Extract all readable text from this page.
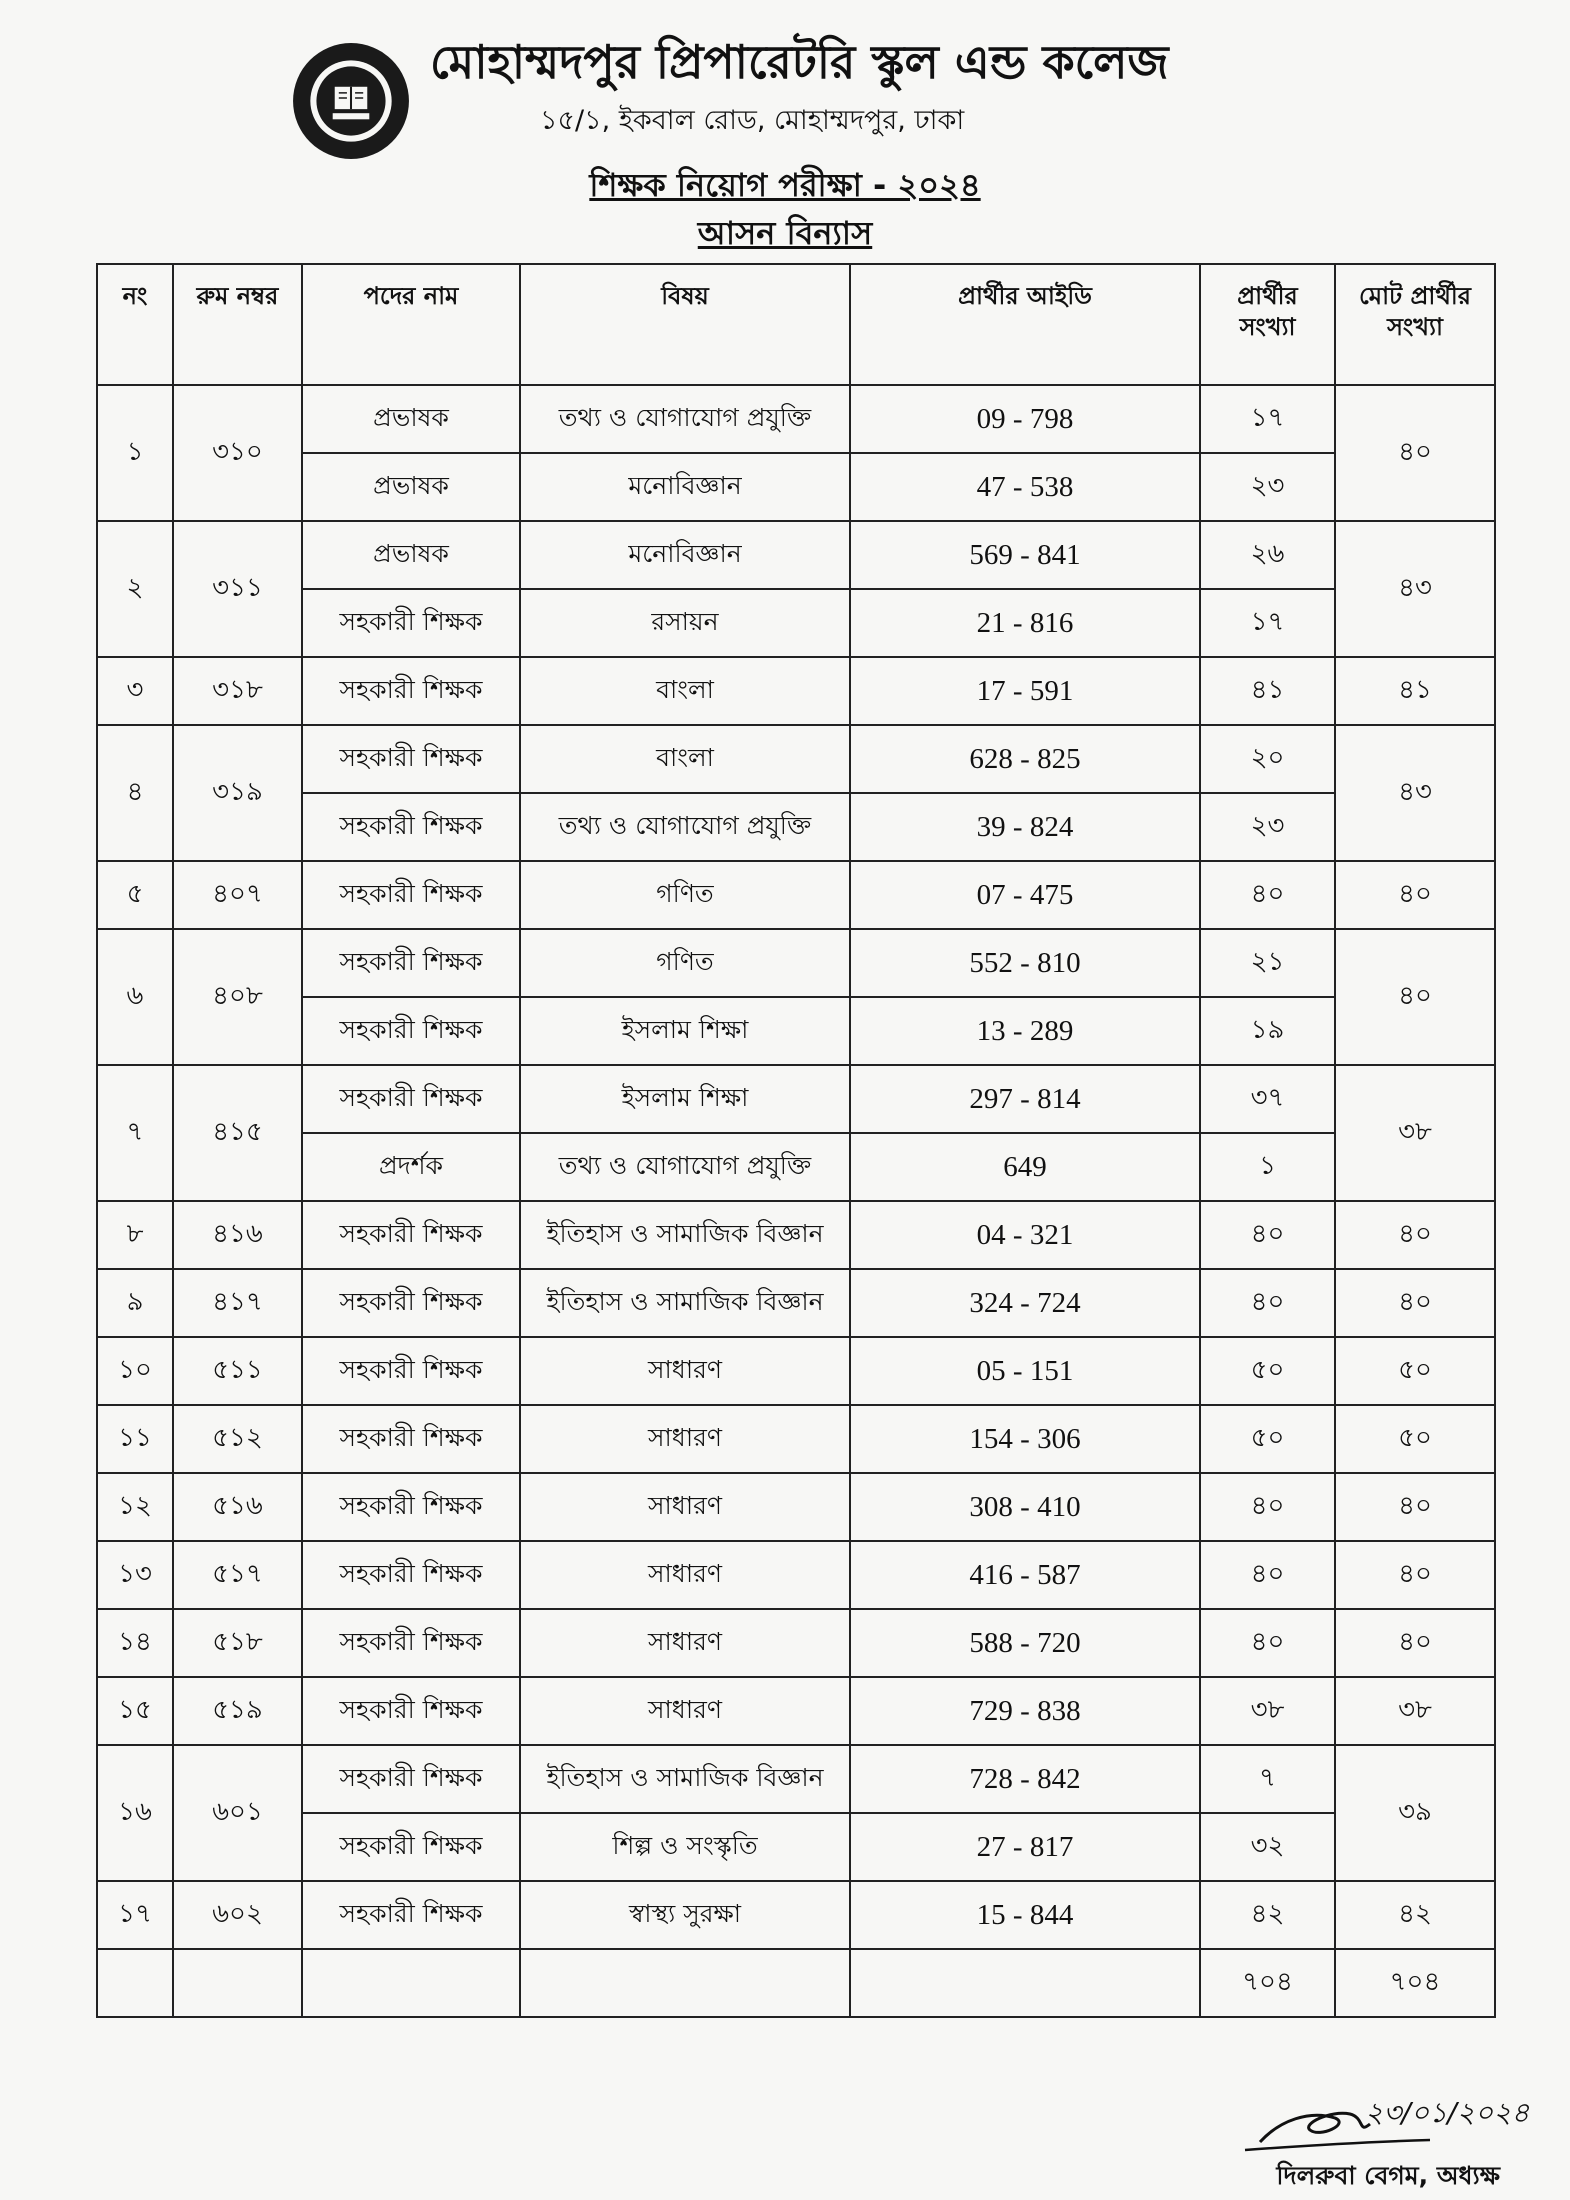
মোহাম্মদপুর প্রিপারেটরি স্কুল এন্ড কলেজ
১৫/১, ইকবাল রোড, মোহাম্মদপুর, ঢাকা
শিক্ষক নিয়োগ পরীক্ষা - ২০২৪
আসন বিন্যাস
নং	রুম নম্বর	পদের নাম	বিষয়	প্রার্থীর আইডি	প্রার্থীর সংখ্যা	মোট প্রার্থীর সংখ্যা
১	৩১০	প্রভাষক	তথ্য ও যোগাযোগ প্রযুক্তি	09 - 798	১৭	৪০
		প্রভাষক	মনোবিজ্ঞান	47 - 538	২৩	
২	৩১১	প্রভাষক	মনোবিজ্ঞান	569 - 841	২৬	৪৩
		সহকারী শিক্ষক	রসায়ন	21 - 816	১৭	
৩	৩১৮	সহকারী শিক্ষক	বাংলা	17 - 591	৪১	৪১
৪	৩১৯	সহকারী শিক্ষক	বাংলা	628 - 825	২০	৪৩
		সহকারী শিক্ষক	তথ্য ও যোগাযোগ প্রযুক্তি	39 - 824	২৩	
৫	৪০৭	সহকারী শিক্ষক	গণিত	07 - 475	৪০	৪০
৬	৪০৮	সহকারী শিক্ষক	গণিত	552 - 810	২১	৪০
		সহকারী শিক্ষক	ইসলাম শিক্ষা	13 - 289	১৯	
৭	৪১৫	সহকারী শিক্ষক	ইসলাম শিক্ষা	297 - 814	৩৭	৩৮
		প্রদর্শক	তথ্য ও যোগাযোগ প্রযুক্তি	649	১	
৮	৪১৬	সহকারী শিক্ষক	ইতিহাস ও সামাজিক বিজ্ঞান	04 - 321	৪০	৪০
৯	৪১৭	সহকারী শিক্ষক	ইতিহাস ও সামাজিক বিজ্ঞান	324 - 724	৪০	৪০
১০	৫১১	সহকারী শিক্ষক	সাধারণ	05 - 151	৫০	৫০
১১	৫১২	সহকারী শিক্ষক	সাধারণ	154 - 306	৫০	৫০
১২	৫১৬	সহকারী শিক্ষক	সাধারণ	308 - 410	৪০	৪০
১৩	৫১৭	সহকারী শিক্ষক	সাধারণ	416 - 587	৪০	৪০
১৪	৫১৮	সহকারী শিক্ষক	সাধারণ	588 - 720	৪০	৪০
১৫	৫১৯	সহকারী শিক্ষক	সাধারণ	729 - 838	৩৮	৩৮
১৬	৬০১	সহকারী শিক্ষক	ইতিহাস ও সামাজিক বিজ্ঞান	728 - 842	৭	৩৯
		সহকারী শিক্ষক	শিল্প ও সংস্কৃতি	27 - 817	৩২	
১৭	৬০২	সহকারী শিক্ষক	স্বাস্থ্য সুরক্ষা	15 - 844	৪২	৪২
					৭০৪	৭০৪
২৩/০১/২০২৪
দিলরুবা বেগম, অধ্যক্ষ
